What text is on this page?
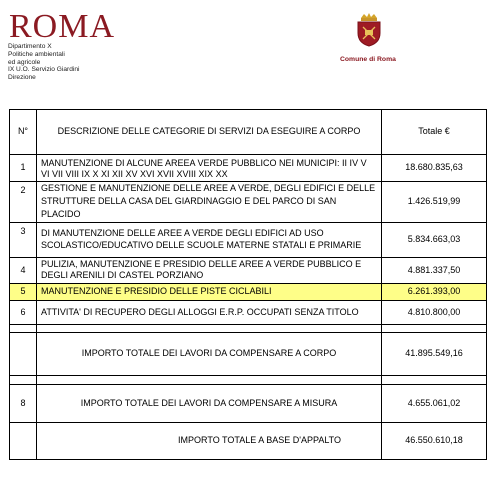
ROMA
Dipartimento X
Politiche ambientali
ed agricole
IX U.O. Servizio Giardini
Direzione
Comune di Roma
N°	DESCRIZIONE DELLE CATEGORIE DI SERVIZI DA ESEGUIRE A CORPO	Totale €
1	MANUTENZIONE DI ALCUNE AREEA VERDE PUBBLICO NEI MUNICIPI: II IV V VI VII VIII IX X XI XII XV XVI XVII XVIII XIX XX	18.680.835,63
2	GESTIONE E MANUTENZIONE DELLE AREE A VERDE, DEGLI EDIFICI E DELLE STRUTTURE DELLA CASA DEL GIARDINAGGIO E DEL PARCO DI SAN PLACIDO	1.426.519,99
3	DI MANUTENZIONE DELLE AREE A VERDE DEGLI EDIFICI AD USO SCOLASTICO/EDUCATIVO DELLE SCUOLE MATERNE STATALI E PRIMARIE	5.834.663,03
4	PULIZIA, MANUTENZIONE E PRESIDIO DELLE AREE A VERDE PUBBLICO E DEGLI ARENILI DI CASTEL PORZIANO	4.881.337,50
5	MANUTENZIONE E PRESIDIO DELLE PISTE CICLABILI	6.261.393,00
6	ATTIVITA' DI RECUPERO DEGLI ALLOGGI E.R.P. OCCUPATI SENZA TITOLO	4.810.800,00

	IMPORTO TOTALE DEI LAVORI DA COMPENSARE A CORPO	41.895.549,16

8	IMPORTO TOTALE DEI LAVORI DA COMPENSARE A MISURA	4.655.061,02
	IMPORTO TOTALE A BASE D'APPALTO	46.550.610,18
